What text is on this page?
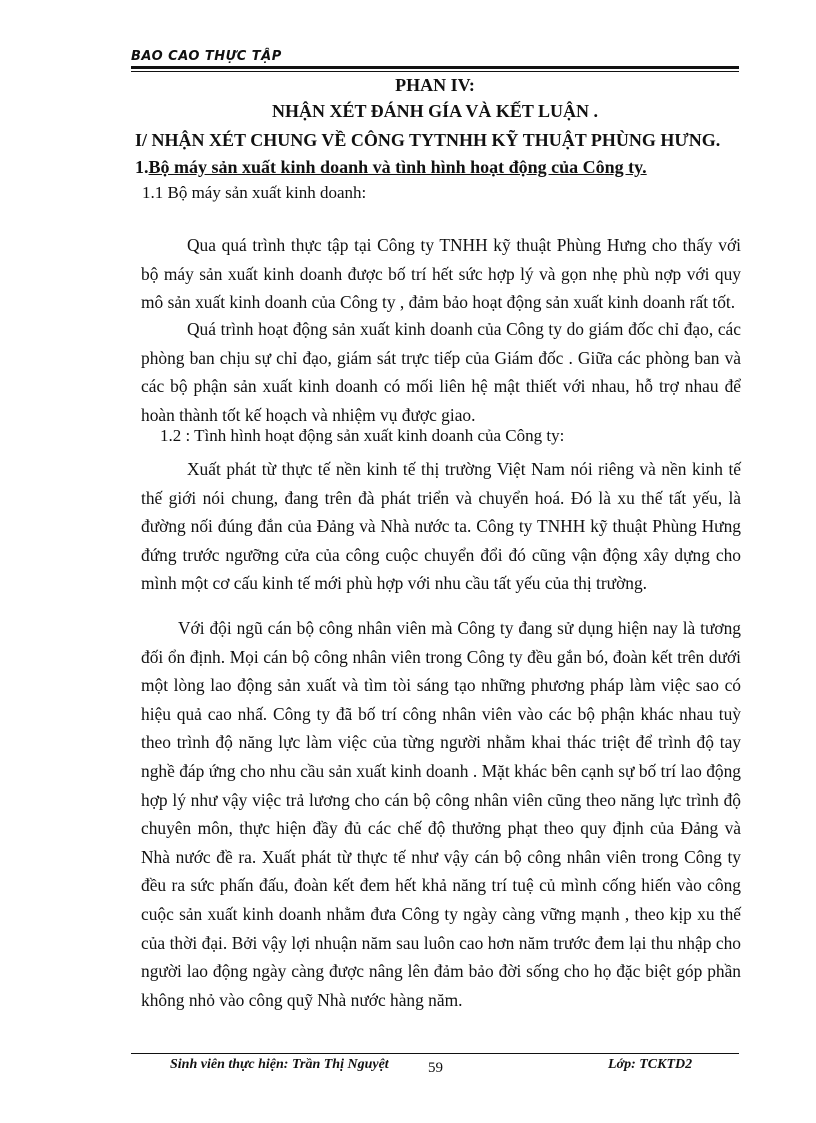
BAO CAO THỰC TẬP
PHAN IV:
NHẬN XÉT ĐÁNH GÍA VÀ KẾT LUẬN .
I/ NHẬN XÉT CHUNG VỀ CÔNG TYTNHH KỸ THUẬT PHÙNG HƯNG.
1.Bộ máy sản xuất kinh doanh và tình hình hoạt động của Công ty.
1.1 Bộ máy sản xuất kinh doanh:

Qua quá trình thực tập tại Công ty TNHH kỹ thuật Phùng Hưng cho thấy với bộ máy sản xuất kinh doanh được bố trí hết sức hợp lý và gọn nhẹ phù nợp với quy mô sản xuất kinh doanh của Công ty , đảm bảo hoạt động sản xuất kinh doanh rất tốt.

Quá trình hoạt động sản xuất kinh doanh của Công ty do giám đốc chỉ đạo, các phòng ban chịu sự chỉ đạo, giám sát trực tiếp của Giám đốc . Giữa các phòng ban và các bộ phận sản xuất kinh doanh có mối liên hệ mật thiết với nhau, hỗ trợ nhau để hoàn thành tốt kế hoạch và nhiệm vụ được giao.

1.2 : Tình hình hoạt động sản xuất kinh doanh của Công ty:

Xuất phát từ thực tế nền kinh tế thị trường Việt Nam nói riêng và nền kinh tế thế giới nói chung, đang trên đà phát triển và chuyển hoá. Đó là xu thế tất yếu, là đường nối đúng đắn của Đảng và Nhà nước ta. Công ty TNHH kỹ thuật Phùng Hưng đứng trước ngưỡng cửa của công cuộc chuyển đổi đó cũng vận động xây dựng cho mình một cơ cấu kinh tế mới phù hợp với nhu cầu tất yếu của thị trường.

Với đội ngũ cán bộ công nhân viên mà Công ty đang sử dụng hiện nay là tương đối ổn định. Mọi cán bộ công nhân viên trong Công ty đều gắn bó, đoàn kết trên dưới một lòng lao động sản xuất và tìm tòi sáng tạo những phương pháp làm việc sao có hiệu quả cao nhấ. Công ty đã bố trí công nhân viên vào các bộ phận khác nhau tuỳ theo trình độ năng lực làm việc của từng người nhằm khai thác triệt để trình độ tay nghề đáp ứng cho nhu cầu sản xuất kinh doanh . Mặt khác bên cạnh sự bố trí lao động hợp lý như vậy việc trả lương cho cán bộ công nhân viên cũng theo năng lực trình độ chuyên môn, thực hiện đầy đủ các chế độ thưởng phạt theo quy định của Đảng và Nhà nước đề ra. Xuất phát từ thực tế như vậy cán bộ công nhân viên trong Công ty đều ra sức phấn đấu, đoàn kết đem hết khả năng trí tuệ củ mình cống hiến vào công cuộc sản xuất kinh doanh nhằm đưa Công ty ngày càng vững mạnh , theo kịp xu thế của thời đại. Bởi vậy lợi nhuận năm sau luôn cao hơn năm trước đem lại thu nhập cho người lao động ngày càng được nâng lên đảm bảo đời sống cho họ đặc biệt góp phần không nhỏ vào công quỹ Nhà nước hàng năm.

Sinh viên thực hiện: Trần Thị Nguyệt	59	Lớp: TCKTD2
